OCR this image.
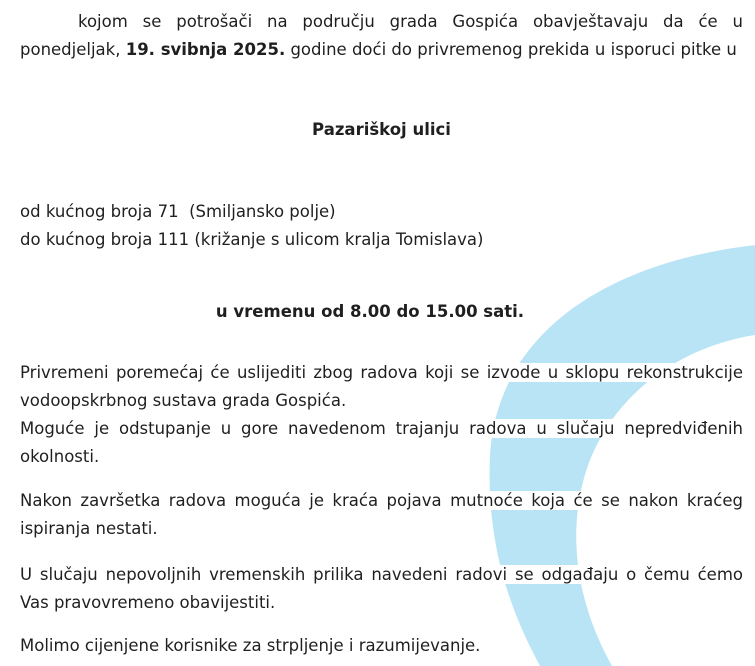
kojom se potrošači na području grada Gospića obavještavaju da će u ponedjeljak, 19. svibnja 2025. godine doći do privremenog prekida u isporuci pitke u

Pazariškoj ulici

od kućnog broja 71  (Smiljansko polje)
do kućnog broja 111 (križanje s ulicom kralja Tomislava)

u vremenu od 8.00 do 15.00 sati.

Privremeni poremećaj će uslijediti zbog radova koji se izvode u sklopu rekonstrukcije vodoopskrbnog sustava grada Gospića.
Moguće je odstupanje u gore navedenom trajanju radova u slučaju nepredviđenih okolnosti.

Nakon završetka radova moguća je kraća pojava mutnoće koja će se nakon kraćeg ispiranja nestati.

U slučaju nepovoljnih vremenskih prilika navedeni radovi se odgađaju o čemu ćemo Vas pravovremeno obavijestiti.

Molimo cijenjene korisnike za strpljenje i razumijevanje.
